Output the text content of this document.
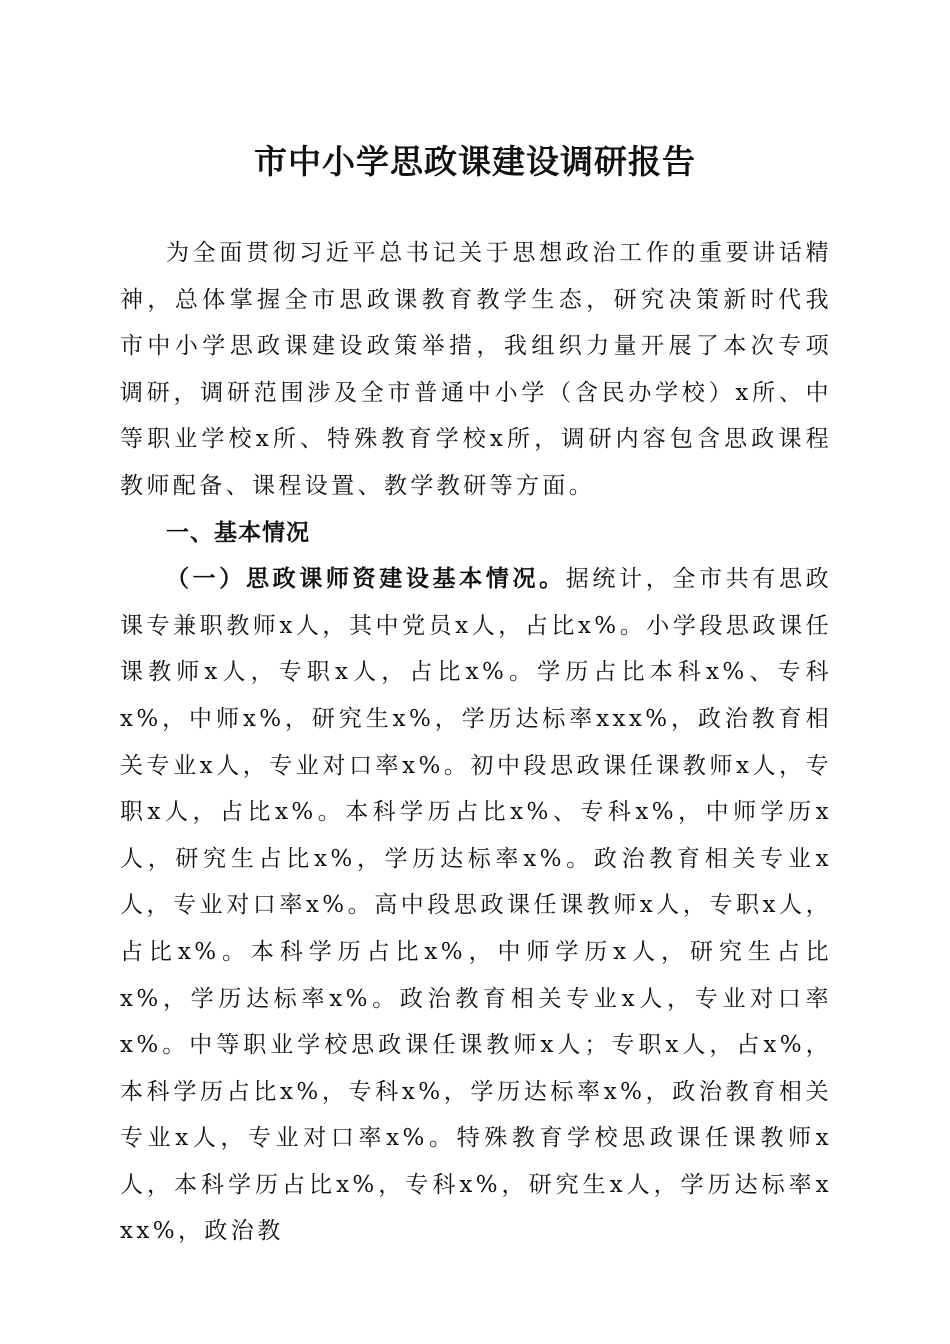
市中小学思政课建设调研报告

为全面贯彻习近平总书记关于思想政治工作的重要讲话精神，总体掌握全市思政课教育教学生态，研究决策新时代我市中小学思政课建设政策举措，我组织力量开展了本次专项调研，调研范围涉及全市普通中小学（含民办学校）x所、中等职业学校x所、特殊教育学校x所，调研内容包含思政课程教师配备、课程设置、教学教研等方面。

一、基本情况

（一）思政课师资建设基本情况。据统计，全市共有思政课专兼职教师x人，其中党员x人，占比x%。小学段思政课任课教师x人，专职x人，占比x%。学历占比本科x%、专科x%，中师x%，研究生x%，学历达标率xxx%，政治教育相关专业x人，专业对口率x%。初中段思政课任课教师x人，专职x人，占比x%。本科学历占比x%、专科x%，中师学历x人，研究生占比x%，学历达标率x%。政治教育相关专业x人，专业对口率x%。高中段思政课任课教师x人，专职x人，占比x%。本科学历占比x%，中师学历x人，研究生占比x%，学历达标率x%。政治教育相关专业x人，专业对口率x%。中等职业学校思政课任课教师x人；专职x人，占x%，本科学历占比x%，专科x%，学历达标率x%，政治教育相关专业x人，专业对口率x%。特殊教育学校思政课任课教师x人，本科学历占比x%，专科x%，研究生x人，学历达标率xxx%，政治教
